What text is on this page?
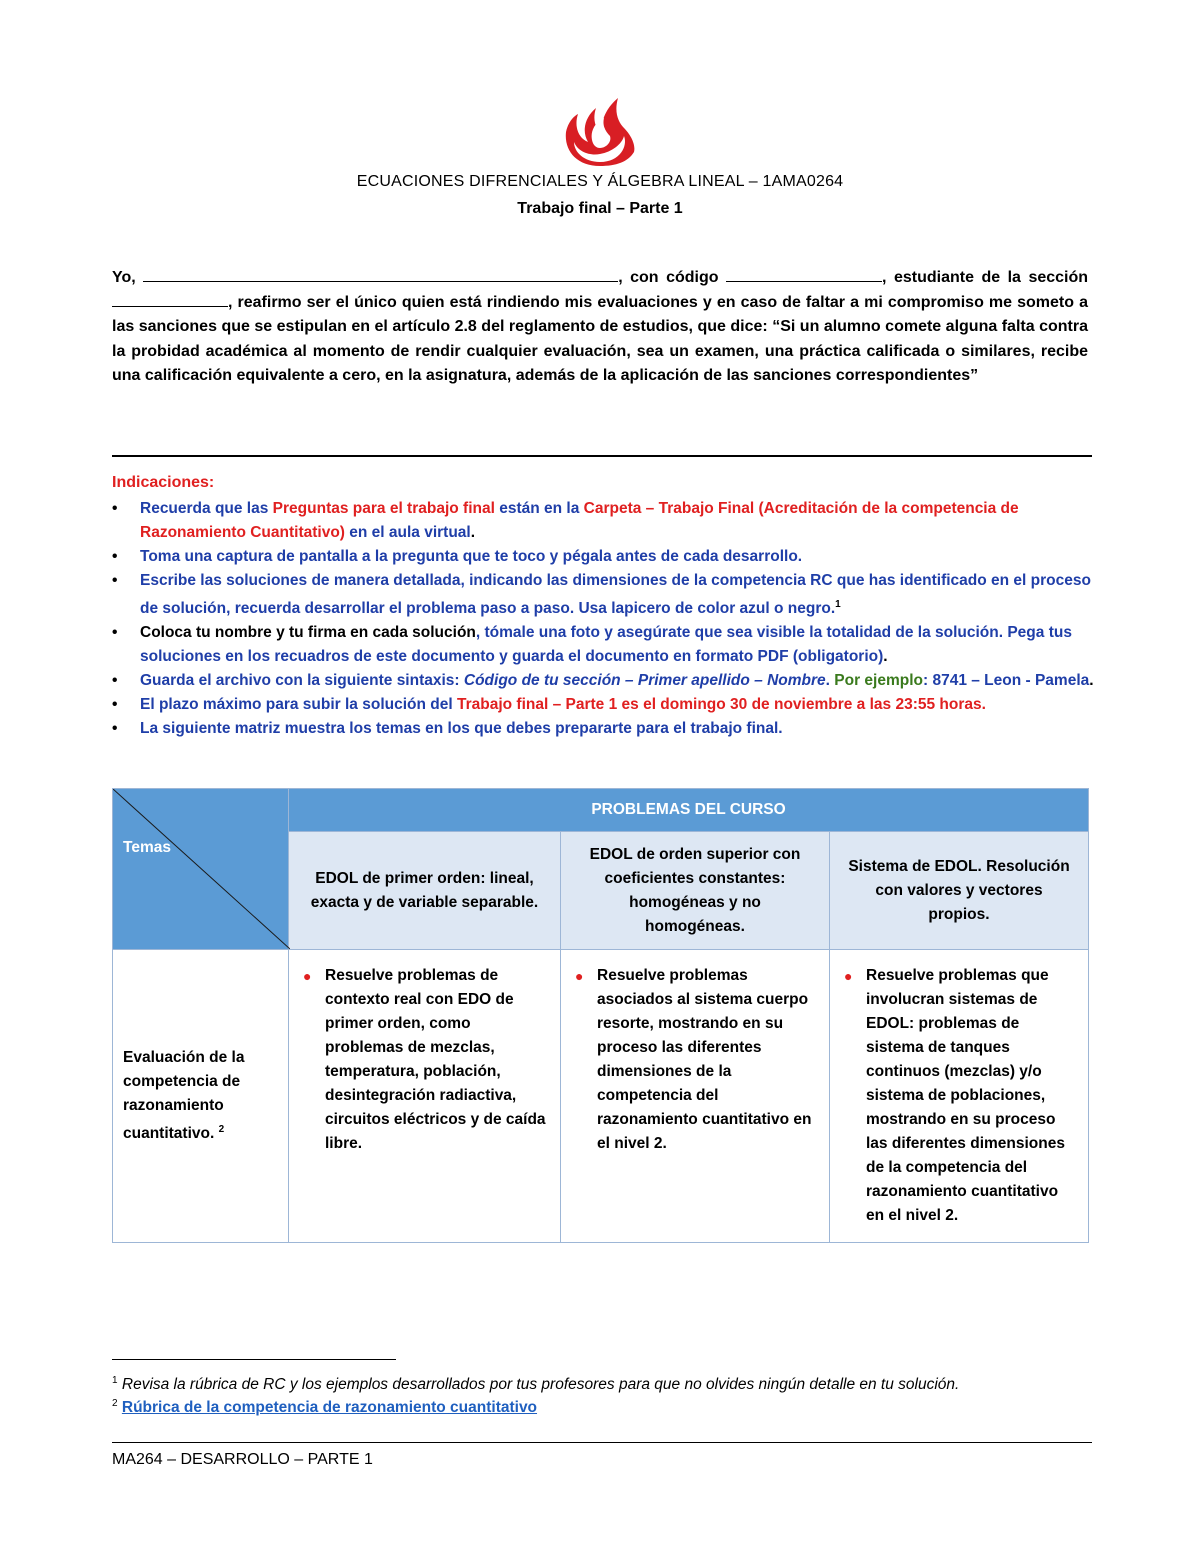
ECUACIONES DIFRENCIALES Y ÁLGEBRA LINEAL – 1AMA0264
Trabajo final – Parte 1
Yo,	, con código	, estudiante de la sección , reafirmo ser el único quien está rindiendo mis evaluaciones y en caso de faltar a mi compromiso me someto a las sanciones que se estipulan en el artículo 2.8 del reglamento de estudios, que dice: “Si un alumno comete alguna falta contra la probidad académica al momento de rendir cualquier evaluación, sea un examen, una práctica calificada o similares, recibe una calificación equivalente a cero, en la asignatura, además de la aplicación de las sanciones correspondientes”
Indicaciones:
• Recuerda que las Preguntas para el trabajo final están en la Carpeta – Trabajo Final (Acreditación de la competencia de Razonamiento Cuantitativo) en el aula virtual.
• Toma una captura de pantalla a la pregunta que te toco y pégala antes de cada desarrollo.
• Escribe las soluciones de manera detallada, indicando las dimensiones de la competencia RC que has identificado en el proceso de solución, recuerda desarrollar el problema paso a paso. Usa lapicero de color azul o negro.$^1$
• Coloca tu nombre y tu firma en cada solución, tómale una foto y asegúrate que sea visible la totalidad de la solución. Pega tus soluciones en los recuadros de este documento y guarda el documento en formato PDF (obligatorio).
• Guarda el archivo con la siguiente sintaxis: Código de tu sección – Primer apellido – Nombre. Por ejemplo: 8741 – Leon - Pamela.
• El plazo máximo para subir la solución del Trabajo final – Parte 1 es el domingo 30 de noviembre a las 23:55 horas.
• La siguiente matriz muestra los temas en los que debes prepararte para el trabajo final.
Temas	PROBLEMAS DEL CURSO		
	EDOL de primer orden: lineal, exacta y de variable separable.	EDOL de orden superior con coeficientes constantes: homogéneas y no homogéneas.	Sistema de EDOL. Resolución con valores y vectores propios.
Evaluación de la competencia de razonamiento cuantitativo. $^2$	● Resuelve problemas de contexto real con EDO de primer orden, como problemas de mezclas, temperatura, población, desintegración radiactiva, circuitos eléctricos y de caída libre.	● Resuelve problemas asociados al sistema cuerpo resorte, mostrando en su proceso las diferentes dimensiones de la competencia del razonamiento cuantitativo en el nivel 2.	● Resuelve problemas que involucran sistemas de EDOL: problemas de sistema de tanques continuos (mezclas) y/o sistema de poblaciones, mostrando en su proceso las diferentes dimensiones de la competencia del razonamiento cuantitativo en el nivel 2.
$^1$ Revisa la rúbrica de RC y los ejemplos desarrollados por tus profesores para que no olvides ningún detalle en tu solución.
$^2$ Rúbrica de la competencia de razonamiento cuantitativo
MA264 – DESARROLLO – PARTE 1
